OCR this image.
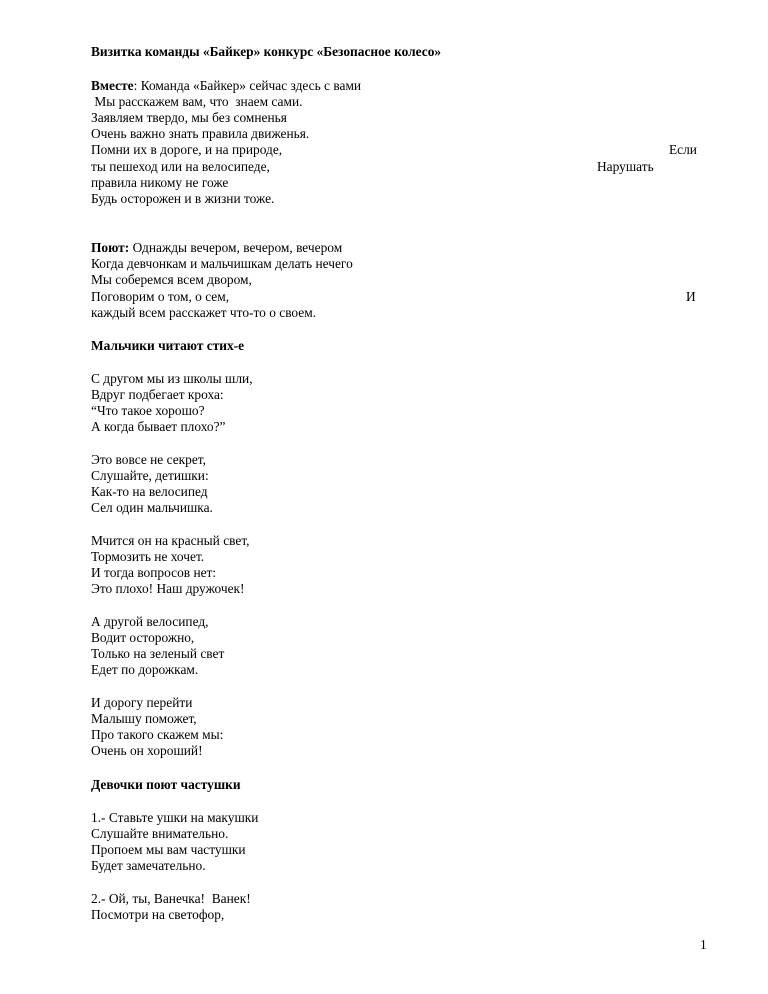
Визитка команды «Байкер» конкурс «Безопасное колесо»

Вместе: Команда «Байкер» сейчас здесь с вами

Мы расскажем вам, что  знаем сами.

Заявляем твердо, мы без сомненья

Очень важно знать правила движенья.

Помни их в дороге, и на природе,	Если

ты пешеход или на велосипеде,	Нарушать

правила никому не гоже

Будь осторожен и в жизни тоже.

Поют: Однажды вечером, вечером, вечером

Когда девчонкам и мальчишкам делать нечего

Мы соберемся всем двором,

Поговорим о том, о сем,	И

каждый всем расскажет что-то о своем.

Мальчики читают стих-е

С другом мы из школы шли,

Вдруг подбегает кроха:

“Что такое хорошо?

А когда бывает плохо?”

Это вовсе не секрет,

Слушайте, детишки:

Как-то на велосипед

Сел один мальчишка.

Мчится он на красный свет,

Тормозить не хочет.

И тогда вопросов нет:

Это плохо! Наш дружочек!

А другой велосипед,

Водит осторожно,

Только на зеленый свет

Едет по дорожкам.

И дорогу перейти

Малышу поможет,

Про такого скажем мы:

Очень он хороший!

Девочки поют частушки

1.- Ставьте ушки на макушки

Слушайте внимательно.

Пропоем мы вам частушки

Будет замечательно.

2.- Ой, ты, Ванечка!  Ванек!

Посмотри на светофор,

1
